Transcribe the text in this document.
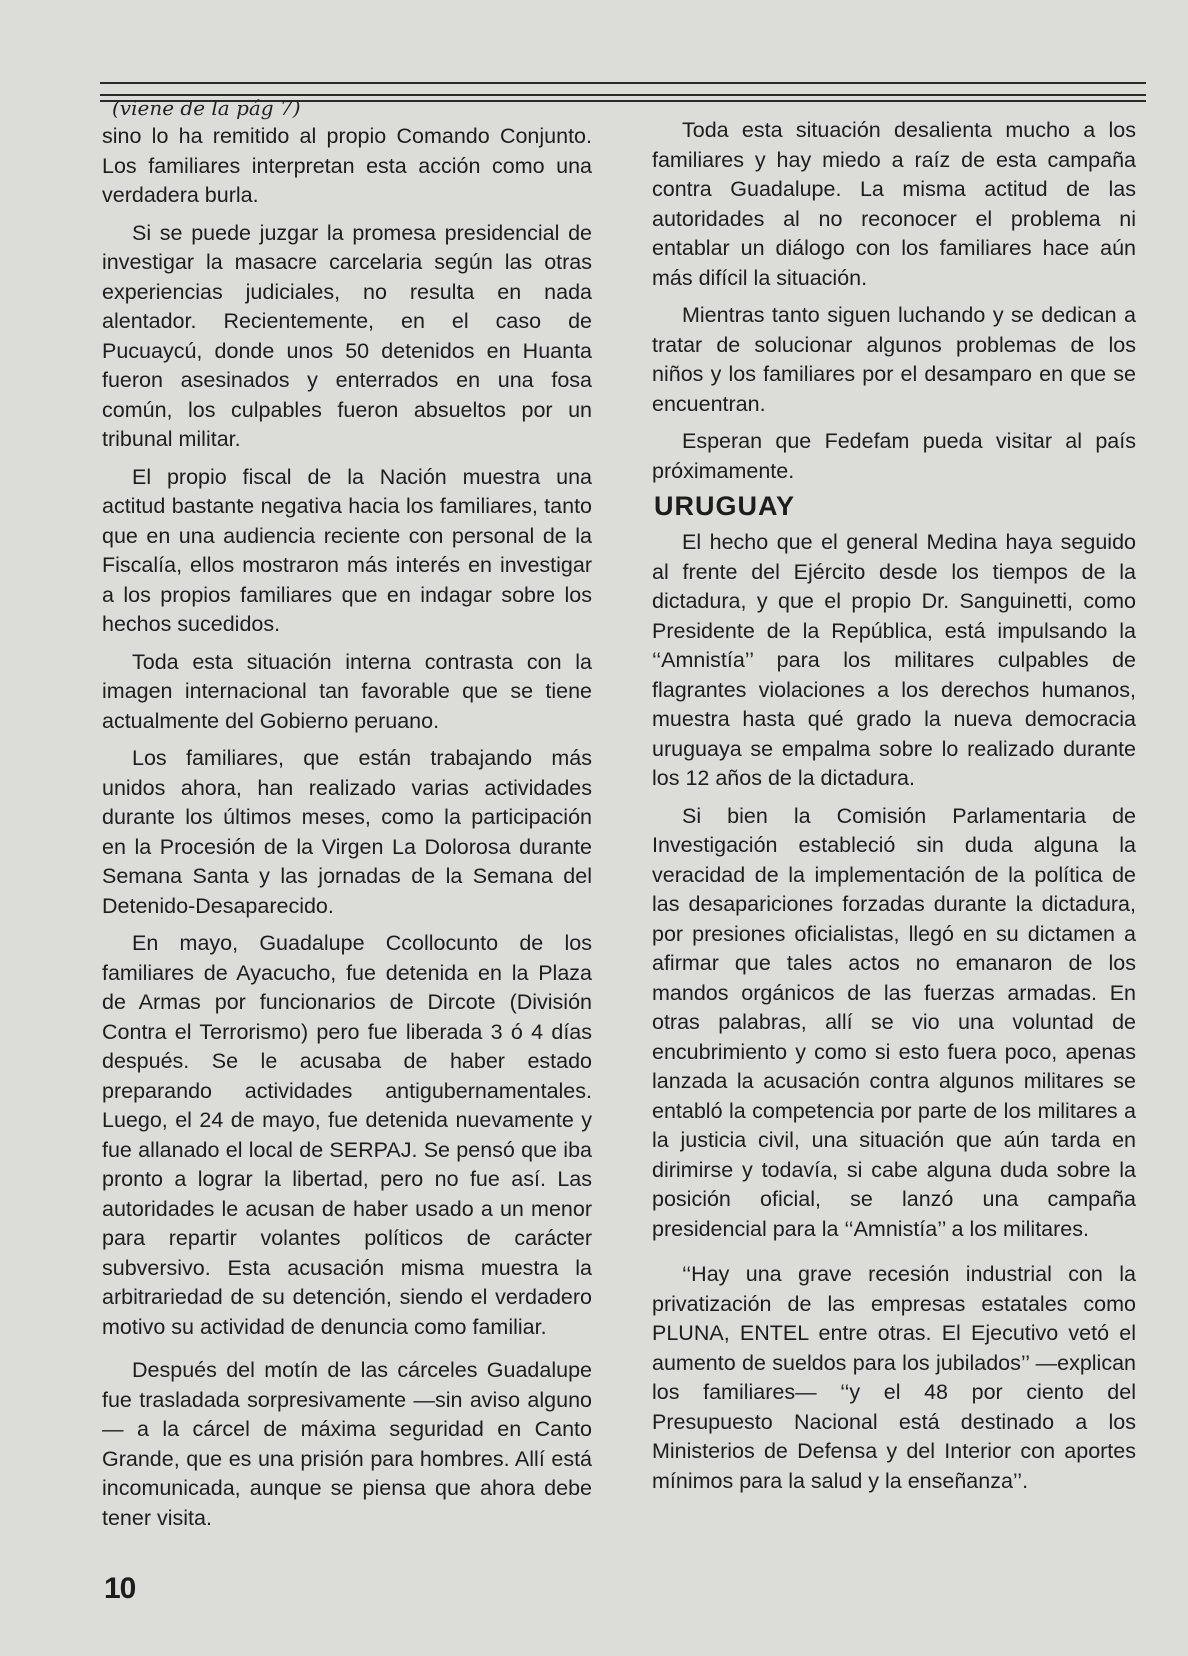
(viene de la pág 7)

sino lo ha remitido al propio Comando Conjunto. Los familiares interpretan esta acción como una verdadera burla.

Si se puede juzgar la promesa presidencial de investigar la masacre carcelaria según las otras experiencias judiciales, no resulta en nada alentador. Recientemente, en el caso de Pucuaycú, donde unos 50 detenidos en Huanta fueron asesinados y enterrados en una fosa común, los culpables fueron absueltos por un tribunal militar.

El propio fiscal de la Nación muestra una actitud bastante negativa hacia los familiares, tanto que en una audiencia reciente con personal de la Fiscalía, ellos mostraron más interés en investigar a los propios familiares que en indagar sobre los hechos sucedidos.

Toda esta situación interna contrasta con la imagen internacional tan favorable que se tiene actualmente del Gobierno peruano.

Los familiares, que están trabajando más unidos ahora, han realizado varias actividades durante los últimos meses, como la participación en la Procesión de la Virgen La Dolorosa durante Semana Santa y las jornadas de la Semana del Detenido-Desaparecido.

En mayo, Guadalupe Ccollocunto de los familiares de Ayacucho, fue detenida en la Plaza de Armas por funcionarios de Dircote (División Contra el Terrorismo) pero fue liberada 3 ó 4 días después. Se le acusaba de haber estado preparando actividades antigubernamentales. Luego, el 24 de mayo, fue detenida nuevamente y fue allanado el local de SERPAJ. Se pensó que iba pronto a lograr la libertad, pero no fue así. Las autoridades le acusan de haber usado a un menor para repartir volantes políticos de carácter subversivo. Esta acusación misma muestra la arbitrariedad de su detención, siendo el verdadero motivo su actividad de denuncia como familiar.

Después del motín de las cárceles Guadalupe fue trasladada sorpresivamente —sin aviso alguno— a la cárcel de máxima seguridad en Canto Grande, que es una prisión para hombres. Allí está incomunicada, aunque se piensa que ahora debe tener visita.

Toda esta situación desalienta mucho a los familiares y hay miedo a raíz de esta campaña contra Guadalupe. La misma actitud de las autoridades al no reconocer el problema ni entablar un diálogo con los familiares hace aún más difícil la situación.

Mientras tanto siguen luchando y se dedican a tratar de solucionar algunos problemas de los niños y los familiares por el desamparo en que se encuentran.

Esperan que Fedefam pueda visitar al país próximamente.

URUGUAY

El hecho que el general Medina haya seguido al frente del Ejército desde los tiempos de la dictadura, y que el propio Dr. Sanguinetti, como Presidente de la República, está impulsando la ‘‘Amnistía’’ para los militares culpables de flagrantes violaciones a los derechos humanos, muestra hasta qué grado la nueva democracia uruguaya se empalma sobre lo realizado durante los 12 años de la dictadura.

Si bien la Comisión Parlamentaria de Investigación estableció sin duda alguna la veracidad de la implementación de la política de las desapariciones forzadas durante la dictadura, por presiones oficialistas, llegó en su dictamen a afirmar que tales actos no emanaron de los mandos orgánicos de las fuerzas armadas. En otras palabras, allí se vio una voluntad de encubrimiento y como si esto fuera poco, apenas lanzada la acusación contra algunos militares se entabló la competencia por parte de los militares a la justicia civil, una situación que aún tarda en dirimirse y todavía, si cabe alguna duda sobre la posición oficial, se lanzó una campaña presidencial para la ‘‘Amnistía’’ a los militares.

‘‘Hay una grave recesión industrial con la privatización de las empresas estatales como PLUNA, ENTEL entre otras. El Ejecutivo vetó el aumento de sueldos para los jubilados’’ —explican los familiares— ‘‘y el 48 por ciento del Presupuesto Nacional está destinado a los Ministerios de Defensa y del Interior con aportes mínimos para la salud y la enseñanza’’.

10
